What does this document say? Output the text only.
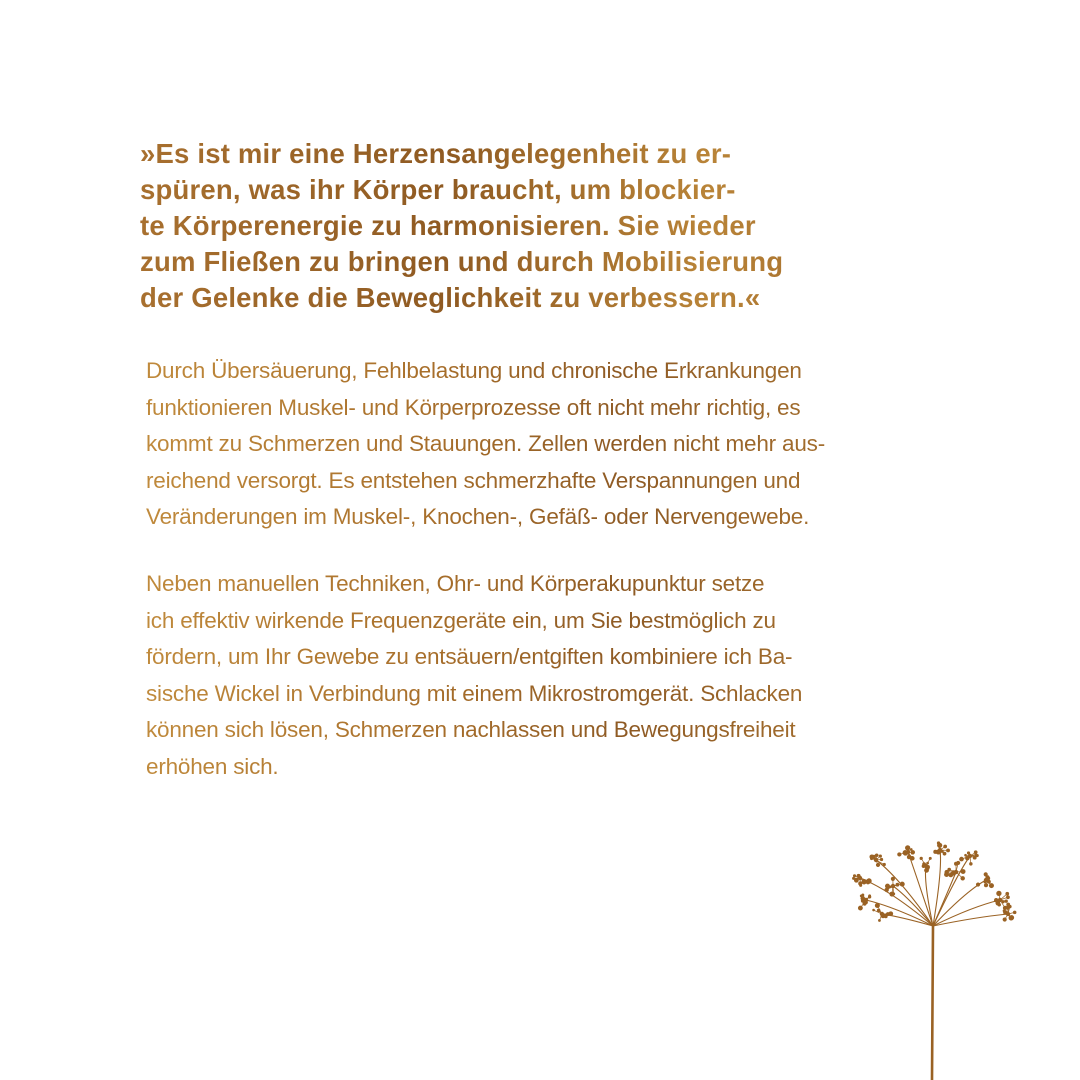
»Es ist mir eine Herzensangelegenheit zu er-
spüren, was ihr Körper braucht, um blockier-
te Körperenergie zu harmonisieren. Sie wieder
zum Fließen zu bringen und durch Mobilisierung
der Gelenke die Beweglichkeit zu verbessern.«
Durch Übersäuerung, Fehlbelastung und chronische Erkrankungen
funktionieren Muskel- und Körperprozesse oft nicht mehr richtig, es
kommt zu Schmerzen und Stauungen. Zellen werden nicht mehr aus-
reichend versorgt. Es entstehen schmerzhafte Verspannungen und
Veränderungen im Muskel-, Knochen-, Gefäß- oder Nervengewebe.
Neben manuellen Techniken, Ohr- und Körperakupunktur setze
ich effektiv wirkende Frequenzgeräte ein, um Sie bestmöglich zu
fördern, um Ihr Gewebe zu entsäuern/entgiften kombiniere ich Ba-
sische Wickel in Verbindung mit einem Mikrostromgerät. Schlacken
können sich lösen, Schmerzen nachlassen und Bewegungsfreiheit
erhöhen sich.
